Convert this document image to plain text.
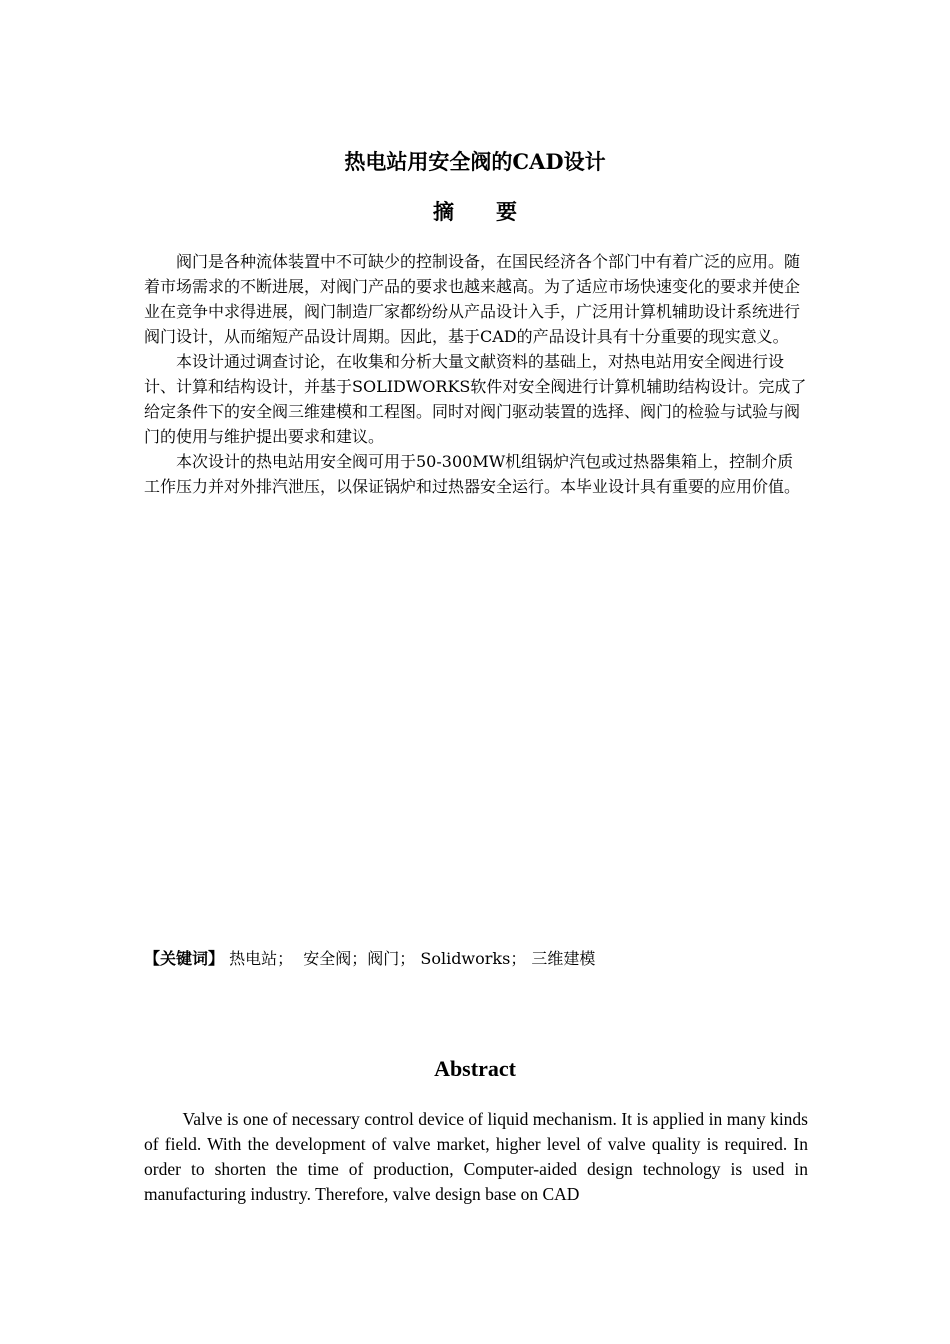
热电站用安全阀的CAD设计
摘要

阀门是各种流体装置中不可缺少的控制设备，在国民经济各个部门中有着广泛的应用。随着市场需求的不断进展，对阀门产品的要求也越来越高。为了适应市场快速变化的要求并使企业在竞争中求得进展，阀门制造厂家都纷纷从产品设计入手，广泛用计算机辅助设计系统进行阀门设计，从而缩短产品设计周期。因此，基于CAD的产品设计具有十分重要的现实意义。

本设计通过调查讨论，在收集和分析大量文献资料的基础上，对热电站用安全阀进行设计、计算和结构设计，并基于SOLIDWORKS软件对安全阀进行计算机辅助结构设计。完成了给定条件下的安全阀三维建模和工程图。同时对阀门驱动装置的选择、阀门的检验与试验与阀门的使用与维护提出要求和建议。

本次设计的热电站用安全阀可用于50-300MW机组锅炉汽包或过热器集箱上，控制介质工作压力并对外排汽泄压，以保证锅炉和过热器安全运行。本毕业设计具有重要的应用价值。

【关键词】 热电站；  安全阀；阀门； Solidworks； 三维建模
Abstract

Valve is one of necessary control device of liquid mechanism. It is applied in many kinds of field. With the development of valve market, higher level of valve quality is required. In order to shorten the time of production, Computer-aided design technology is used in manufacturing industry. Therefore, valve design base on CAD
